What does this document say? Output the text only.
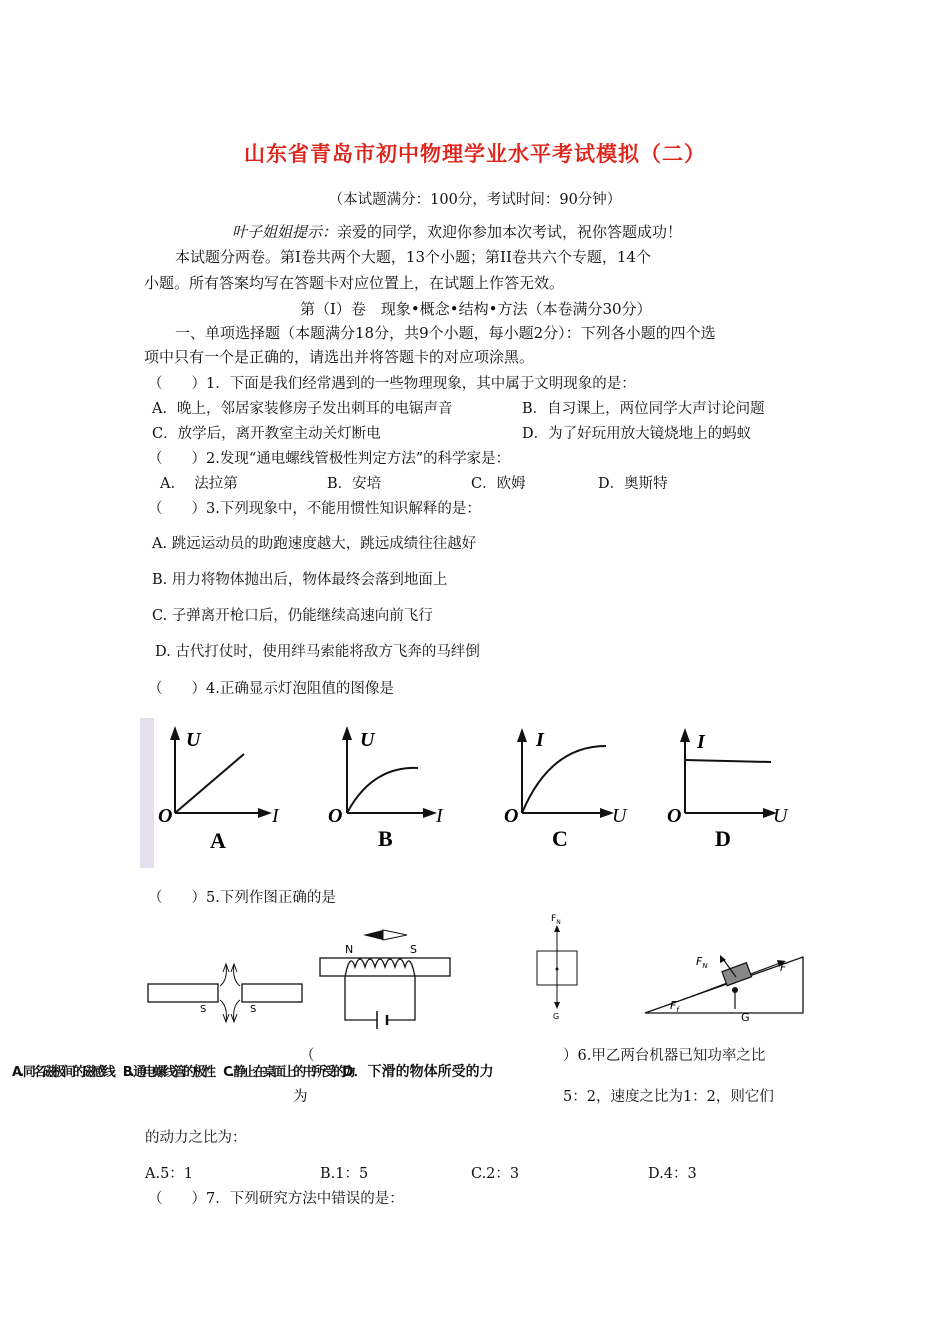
山东省青岛市初中物理学业水平考试模拟（二）
（本试题满分：100分，考试时间：90分钟）
叶子姐姐提示：亲爱的同学，欢迎你参加本次考试，祝你答题成功！
本试题分两卷。第Ⅰ卷共两个大题，13个小题；第II卷共六个专题，14个
小题。所有答案均写在答题卡对应位置上，在试题上作答无效。
第（I）卷　现象•概念•结构•方法（本卷满分30分）
一、单项选择题（本题满分18分，共9个小题，每小题2分）：下列各小题的四个选
项中只有一个是正确的，请选出并将答题卡的对应项涂黑。
（　　）1．下面是我们经常遇到的一些物理现象，其中属于文明现象的是：
A．晚上，邻居家装修房子发出刺耳的电锯声音	B．自习课上，两位同学大声讨论问题
C．放学后，离开教室主动关灯断电	D．为了好玩用放大镜烧地上的蚂蚁
（　　）2.发现“通电螺线管极性判定方法”的科学家是：
A.　 法拉第	B．安培	C．欧姆	D．奥斯特
（　　）3.下列现象中，不能用惯性知识解释的是：
A. 跳远运动员的助跑速度越大，跳远成绩往往越好
B. 用力将物体抛出后，物体最终会落到地面上
C. 子弹离开枪口后，仍能继续高速向前飞行
D. 古代打仗时，使用绊马索能将敌方飞奔的马绊倒
（　　）4.正确显示灯泡阻值的图像是
U
I
O
A
U
I
O
B
I
U
O
C
I
U
O
D
（　　）5.下列作图正确的是
S	S
N	S
$F_N$
G
$F_N$	F
$F_f$
G
A. 同名磁极间的磁感线　B. 通电螺线管的极性　C. 静止在桌面上的书所受的力
D．下滑的物体所受的力
（	）6.甲乙两台机器已知功率之比
为	5：2，速度之比为1：2，则它们
的动力之比为：
A.5：1	B.1：5	C.2：3	D.4：3
（　　）7．下列研究方法中错误的是：
